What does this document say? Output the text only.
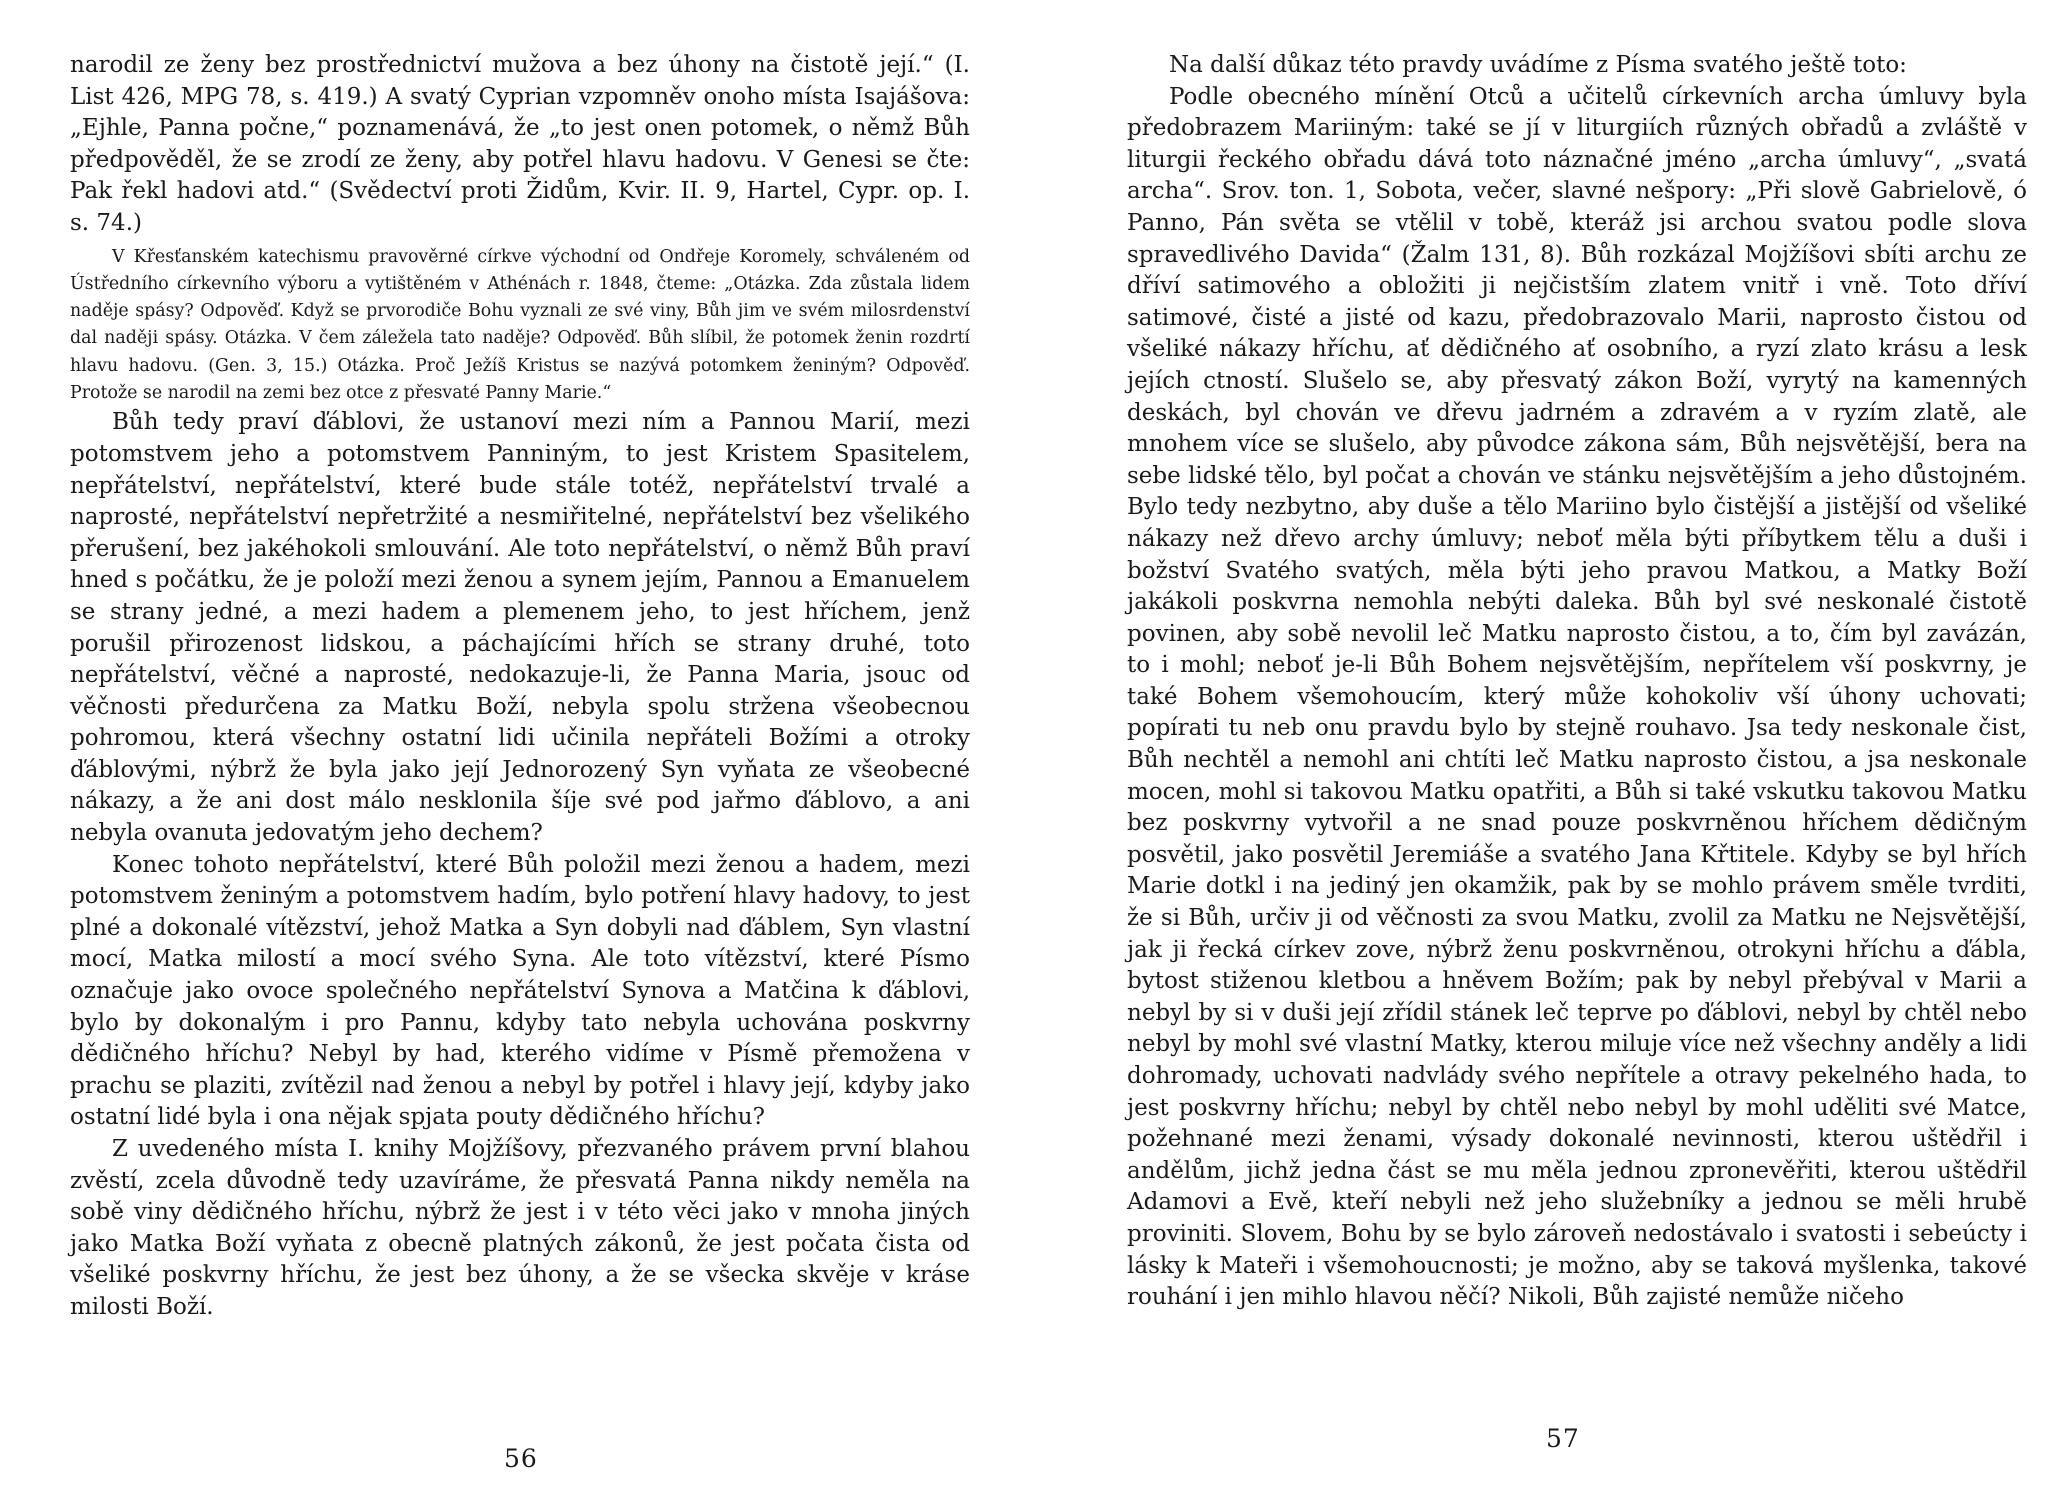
narodil ze ženy bez prostřednictví mužova a bez úhony na čistotě její.“ (I. List 426, MPG 78, s. 419.) A svatý Cyprian vzpomněv onoho místa Isajášova: „Ejhle, Panna počne,“ poznamenává, že „to jest onen potomek, o němž Bůh předpověděl, že se zrodí ze ženy, aby potřel hlavu hadovu. V Genesi se čte: Pak řekl hadovi atd.“ (Svědectví proti Židům, Kvir. II. 9, Hartel, Cypr. op. I. s. 74.)

V Křesťanském katechismu pravověrné církve východní od Ondřeje Koromely, schváleném od Ústředního církevního výboru a vytištěném v Athénách r. 1848, čteme: „Otázka. Zda zůstala lidem naděje spásy? Odpověď. Když se prvorodiče Bohu vyznali ze své viny, Bůh jim ve svém milosrdenství dal naději spásy. Otázka. V čem záležela tato naděje? Odpověď. Bůh slíbil, že potomek ženin rozdrtí hlavu hadovu. (Gen. 3, 15.) Otázka. Proč Ježíš Kristus se nazývá potomkem ženiným? Odpověď. Protože se narodil na zemi bez otce z přesvaté Panny Marie.“

Bůh tedy praví ďáblovi, že ustanoví mezi ním a Pannou Marií, mezi potomstvem jeho a potomstvem Panniným, to jest Kristem Spasitelem, nepřátelství, nepřátelství, které bude stále totéž, nepřátelství trvalé a naprosté, nepřátelství nepřetržité a nesmiřitelné, nepřátelství bez všelikého přerušení, bez jakéhokoli smlouvání. Ale toto nepřátelství, o němž Bůh praví hned s počátku, že je položí mezi ženou a synem jejím, Pannou a Emanuelem se strany jedné, a mezi hadem a plemenem jeho, to jest hříchem, jenž porušil přirozenost lidskou, a páchajícími hřích se strany druhé, toto nepřátelství, věčné a naprosté, nedokazuje-li, že Panna Maria, jsouc od věčnosti předurčena za Matku Boží, nebyla spolu stržena všeobecnou pohromou, která všechny ostatní lidi učinila nepřáteli Božími a otroky ďáblovými, nýbrž že byla jako její Jednorozený Syn vyňata ze všeobecné nákazy, a že ani dost málo nesklonila šíje své pod jařmo ďáblovo, a ani nebyla ovanuta jedovatým jeho dechem?

Konec tohoto nepřátelství, které Bůh položil mezi ženou a hadem, mezi potomstvem ženiným a potomstvem hadím, bylo potření hlavy hadovy, to jest plné a dokonalé vítězství, jehož Matka a Syn dobyli nad ďáblem, Syn vlastní mocí, Matka milostí a mocí svého Syna. Ale toto vítězství, které Písmo označuje jako ovoce společného nepřátelství Synova a Matčina k ďáblovi, bylo by dokonalým i pro Pannu, kdyby tato nebyla uchována poskvrny dědičného hříchu? Nebyl by had, kterého vidíme v Písmě přemožena v prachu se plaziti, zvítězil nad ženou a nebyl by potřel i hlavy její, kdyby jako ostatní lidé byla i ona nějak spjata pouty dědičného hříchu?

Z uvedeného místa I. knihy Mojžíšovy, přezvaného právem první blahou zvěstí, zcela důvodně tedy uzavíráme, že přesvatá Panna nikdy neměla na sobě viny dědičného hříchu, nýbrž že jest i v této věci jako v mnoha jiných jako Matka Boží vyňata z obecně platných zákonů, že jest počata čista od všeliké poskvrny hříchu, že jest bez úhony, a že se všecka skvěje v kráse milosti Boží.

56

Na další důkaz této pravdy uvádíme z Písma svatého ještě toto:

Podle obecného mínění Otců a učitelů církevních archa úmluvy byla předobrazem Mariiným: také se jí v liturgiích různých obřadů a zvláště v liturgii řeckého obřadu dává toto náznačné jméno „archa úmluvy“, „svatá archa“. Srov. ton. 1, Sobota, večer, slavné nešpory: „Při slově Gabrielově, ó Panno, Pán světa se vtělil v tobě, kteráž jsi archou svatou podle slova spravedlivého Davida“ (Žalm 131, 8). Bůh rozkázal Mojžíšovi sbíti archu ze dříví satimového a obložiti ji nejčistším zlatem vnitř i vně. Toto dříví satimové, čisté a jisté od kazu, předobrazovalo Marii, naprosto čistou od všeliké nákazy hříchu, ať dědičného ať osobního, a ryzí zlato krásu a lesk jejích ctností. Slušelo se, aby přesvatý zákon Boží, vyrytý na kamenných deskách, byl chován ve dřevu jadrném a zdravém a v ryzím zlatě, ale mnohem více se slušelo, aby původce zákona sám, Bůh nejsvětější, bera na sebe lidské tělo, byl počat a chován ve stánku nejsvětějším a jeho důstojném. Bylo tedy nezbytno, aby duše a tělo Mariino bylo čistější a jistější od všeliké nákazy než dřevo archy úmluvy; neboť měla býti příbytkem tělu a duši i božství Svatého svatých, měla býti jeho pravou Matkou, a Matky Boží jakákoli poskvrna nemohla nebýti daleka. Bůh byl své neskonalé čistotě povinen, aby sobě nevolil leč Matku naprosto čistou, a to, čím byl zavázán, to i mohl; neboť je-li Bůh Bohem nejsvětějším, nepřítelem vší poskvrny, je také Bohem všemohoucím, který může kohokoliv vší úhony uchovati; popírati tu neb onu pravdu bylo by stejně rouhavo. Jsa tedy neskonale čist, Bůh nechtěl a nemohl ani chtíti leč Matku naprosto čistou, a jsa neskonale mocen, mohl si takovou Matku opatřiti, a Bůh si také vskutku takovou Matku bez poskvrny vytvořil a ne snad pouze poskvrněnou hříchem dědičným posvětil, jako posvětil Jeremiáše a svatého Jana Křtitele. Kdyby se byl hřích Marie dotkl i na jediný jen okamžik, pak by se mohlo právem směle tvrditi, že si Bůh, určiv ji od věčnosti za svou Matku, zvolil za Matku ne Nejsvětější, jak ji řecká církev zove, nýbrž ženu poskvrněnou, otrokyni hříchu a ďábla, bytost stiženou kletbou a hněvem Božím; pak by nebyl přebýval v Marii a nebyl by si v duši její zřídil stánek leč teprve po ďáblovi, nebyl by chtěl nebo nebyl by mohl své vlastní Matky, kterou miluje více než všechny anděly a lidi dohromady, uchovati nadvlády svého nepřítele a otravy pekelného hada, to jest poskvrny hříchu; nebyl by chtěl nebo nebyl by mohl uděliti své Matce, požehnané mezi ženami, výsady dokonalé nevinnosti, kterou uštědřil i andělům, jichž jedna část se mu měla jednou zpronevěřiti, kterou uštědřil Adamovi a Evě, kteří nebyli než jeho služebníky a jednou se měli hrubě proviniti. Slovem, Bohu by se bylo zároveň nedostávalo i svatosti i sebeúcty i lásky k Mateři i všemohoucnosti; je možno, aby se taková myšlenka, takové rouhání i jen mihlo hlavou něčí? Nikoli, Bůh zajisté nemůže ničeho

57
